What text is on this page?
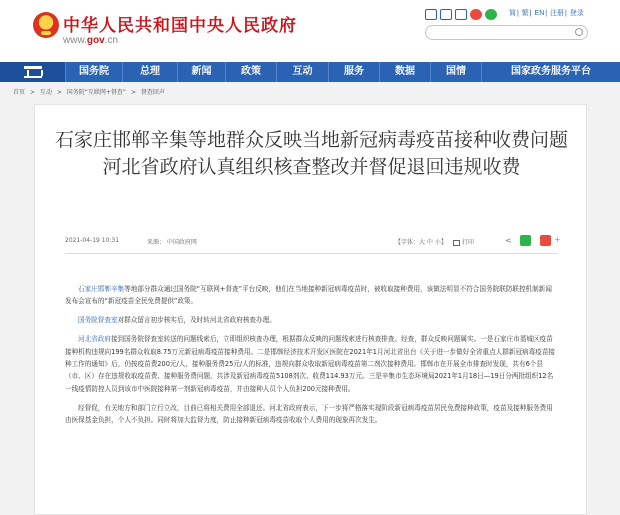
中华人民共和国中央人民政府
www.gov.cn
简| 繁| EN| 注册| 登录
国务院	总理	新闻	政策	互动	服务	数据	国情	国家政务服务平台
首页 > 互动 > 国务院“互联网+督查” > 督查回声
石家庄邯郸辛集等地群众反映当地新冠病毒疫苗接种收费问题 河北省政府认真组织核查整改并督促退回违规收费
2021-04-19 10:31	来源： 中国政府网	【字体：大 中 小】	打印	<	+

石家庄邯郸辛集等地部分群众通过国务院“互联网+督查”平台反映，他们在当地接种新冠病毒疫苗时，被收取接种费用，该做法明显不符合国务院联防联控机制新闻发布会宣布的“新冠疫苗全民免费提供”政策。

国务院督查室对群众留言初步核实后，及时转河北省政府核查办理。

河北省政府接到国务院督查室转送的问题线索后，立即组织核查办理，根据群众反映的问题线索进行核查排查。经查，群众反映问题属实。一是石家庄市藁城区疫苗接种机构违规向199名群众收取8.75万元新冠病毒疫苗接种费用。二是邯郸经济技术开发区医院在2021年1月河北省出台《关于进一步做好全省重点人群新冠病毒疫苗接种工作的通知》后，仍按疫苗费200元/人、接种服务费25元/人的标准，违规向群众收取新冠病毒疫苗第二剂次接种费用。邯郸市在开展全市排查时发现，共有6个县（市、区）存在违规收取疫苗费、接种服务费问题，共涉及新冠病毒疫苗5108剂次、收费114.93万元。三是辛集市生态环境局2021年1月18日—19日分两批组织12名一线疫情防控人员到该市中医院接种第一剂新冠病毒疫苗，并由接种人员个人负担200元接种费用。

经督促，有关地方和部门立行立改，目前已将相关费用全部退还。河北省政府表示，下一步将严格落实现阶段新冠病毒疫苗居民免费接种政策，疫苗及接种服务费用由医保基金负担，个人不负担。同时将加大监督力度，防止接种新冠病毒疫苗收取个人费用的现象再次发生。
